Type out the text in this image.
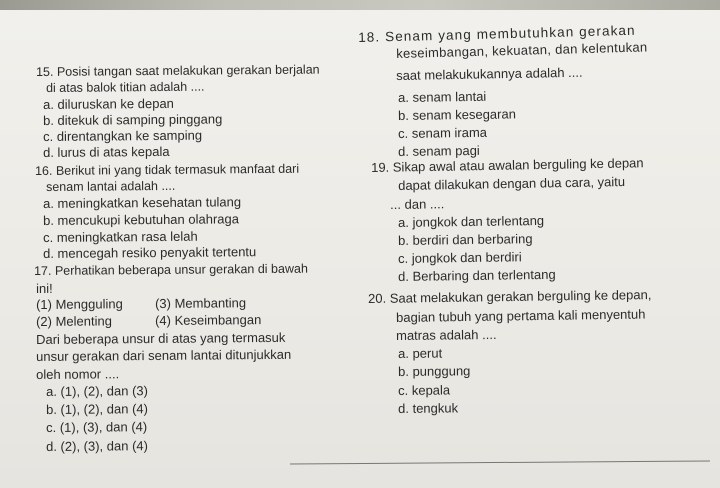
15. Posisi tangan saat melakukan gerakan berjalan
di atas balok titian adalah ....
a. diluruskan ke depan
b. ditekuk di samping pinggang
c. direntangkan ke samping
d. lurus di atas kepala
16. Berikut ini yang tidak termasuk manfaat dari
senam lantai adalah ....
a. meningkatkan kesehatan tulang
b. mencukupi kebutuhan olahraga
c. meningkatkan rasa lelah
d. mencegah resiko penyakit tertentu
17. Perhatikan beberapa unsur gerakan di bawah
ini!
(1) Mengguling (3) Membanting
(2) Melenting	(4) Keseimbangan
Dari beberapa unsur di atas yang termasuk
unsur gerakan dari senam lantai ditunjukkan
oleh nomor ....
a. (1), (2), dan (3)
b. (1), (2), dan (4)
c. (1), (3), dan (4)
d. (2), (3), dan (4)
18. Senam yang membutuhkan gerakan
keseimbangan, kekuatan, dan kelentukan
saat melakukukannya adalah ....
a. senam lantai
b. senam kesegaran
c. senam irama
d. senam pagi
19. Sikap awal atau awalan berguling ke depan
dapat dilakukan dengan dua cara, yaitu
... dan ....
a. jongkok dan terlentang
b. berdiri dan berbaring
c. jongkok dan berdiri
d. Berbaring dan terlentang
20. Saat melakukan gerakan berguling ke depan,
bagian tubuh yang pertama kali menyentuh
matras adalah ....
a. perut
b. punggung
c. kepala
d. tengkuk
